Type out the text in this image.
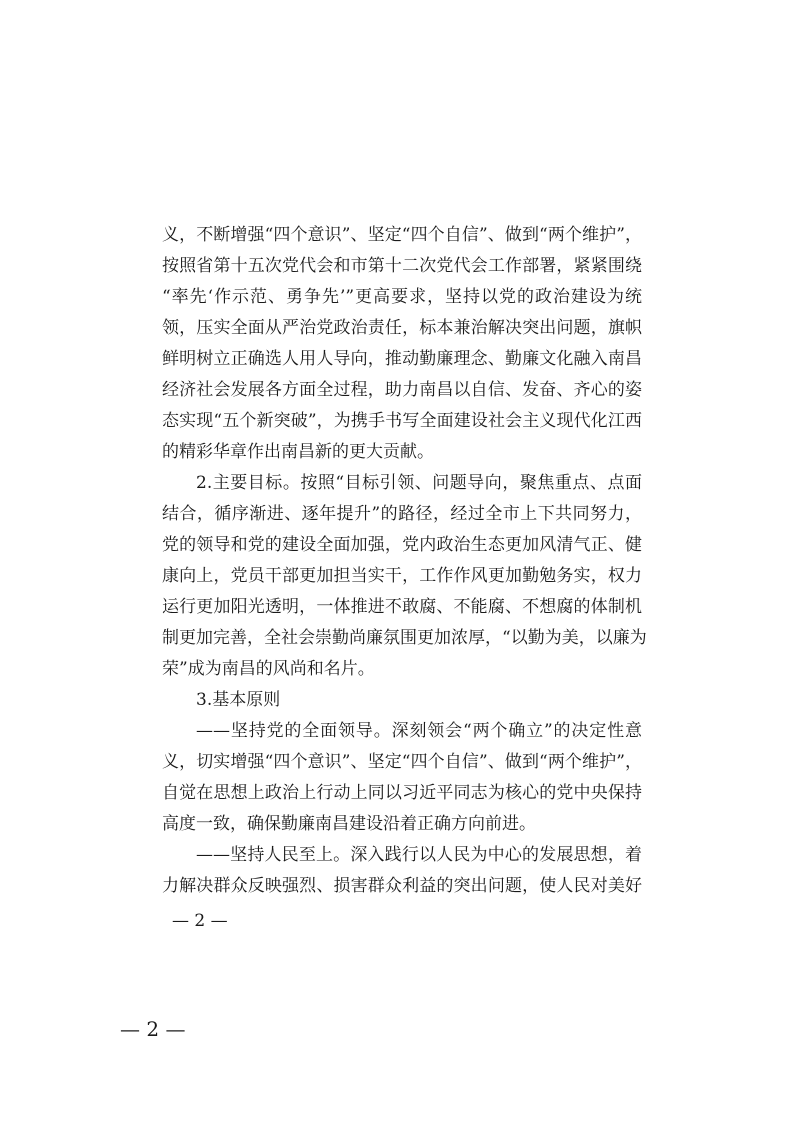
义，不断增强“四个意识”、坚定“四个自信”、做到“两个维护”，
按照省第十五次党代会和市第十二次党代会工作部署，紧紧围绕
“率先‘作示范、勇争先’”更高要求，坚持以党的政治建设为统
领，压实全面从严治党政治责任，标本兼治解决突出问题，旗帜
鲜明树立正确选人用人导向，推动勤廉理念、勤廉文化融入南昌
经济社会发展各方面全过程，助力南昌以自信、发奋、齐心的姿
态实现“五个新突破”，为携手书写全面建设社会主义现代化江西
的精彩华章作出南昌新的更大贡献。
2.主要目标。按照“目标引领、问题导向，聚焦重点、点面
结合，循序渐进、逐年提升”的路径，经过全市上下共同努力，
党的领导和党的建设全面加强，党内政治生态更加风清气正、健
康向上，党员干部更加担当实干，工作作风更加勤勉务实，权力
运行更加阳光透明，一体推进不敢腐、不能腐、不想腐的体制机
制更加完善，全社会崇勤尚廉氛围更加浓厚，“以勤为美，以廉为
荣”成为南昌的风尚和名片。
3.基本原则
——坚持党的全面领导。深刻领会“两个确立”的决定性意
义，切实增强“四个意识”、坚定“四个自信”、做到“两个维护”，
自觉在思想上政治上行动上同以习近平同志为核心的党中央保持
高度一致，确保勤廉南昌建设沿着正确方向前进。
——坚持人民至上。深入践行以人民为中心的发展思想，着
力解决群众反映强烈、损害群众利益的突出问题，使人民对美好
— 2 —
— 2 —
